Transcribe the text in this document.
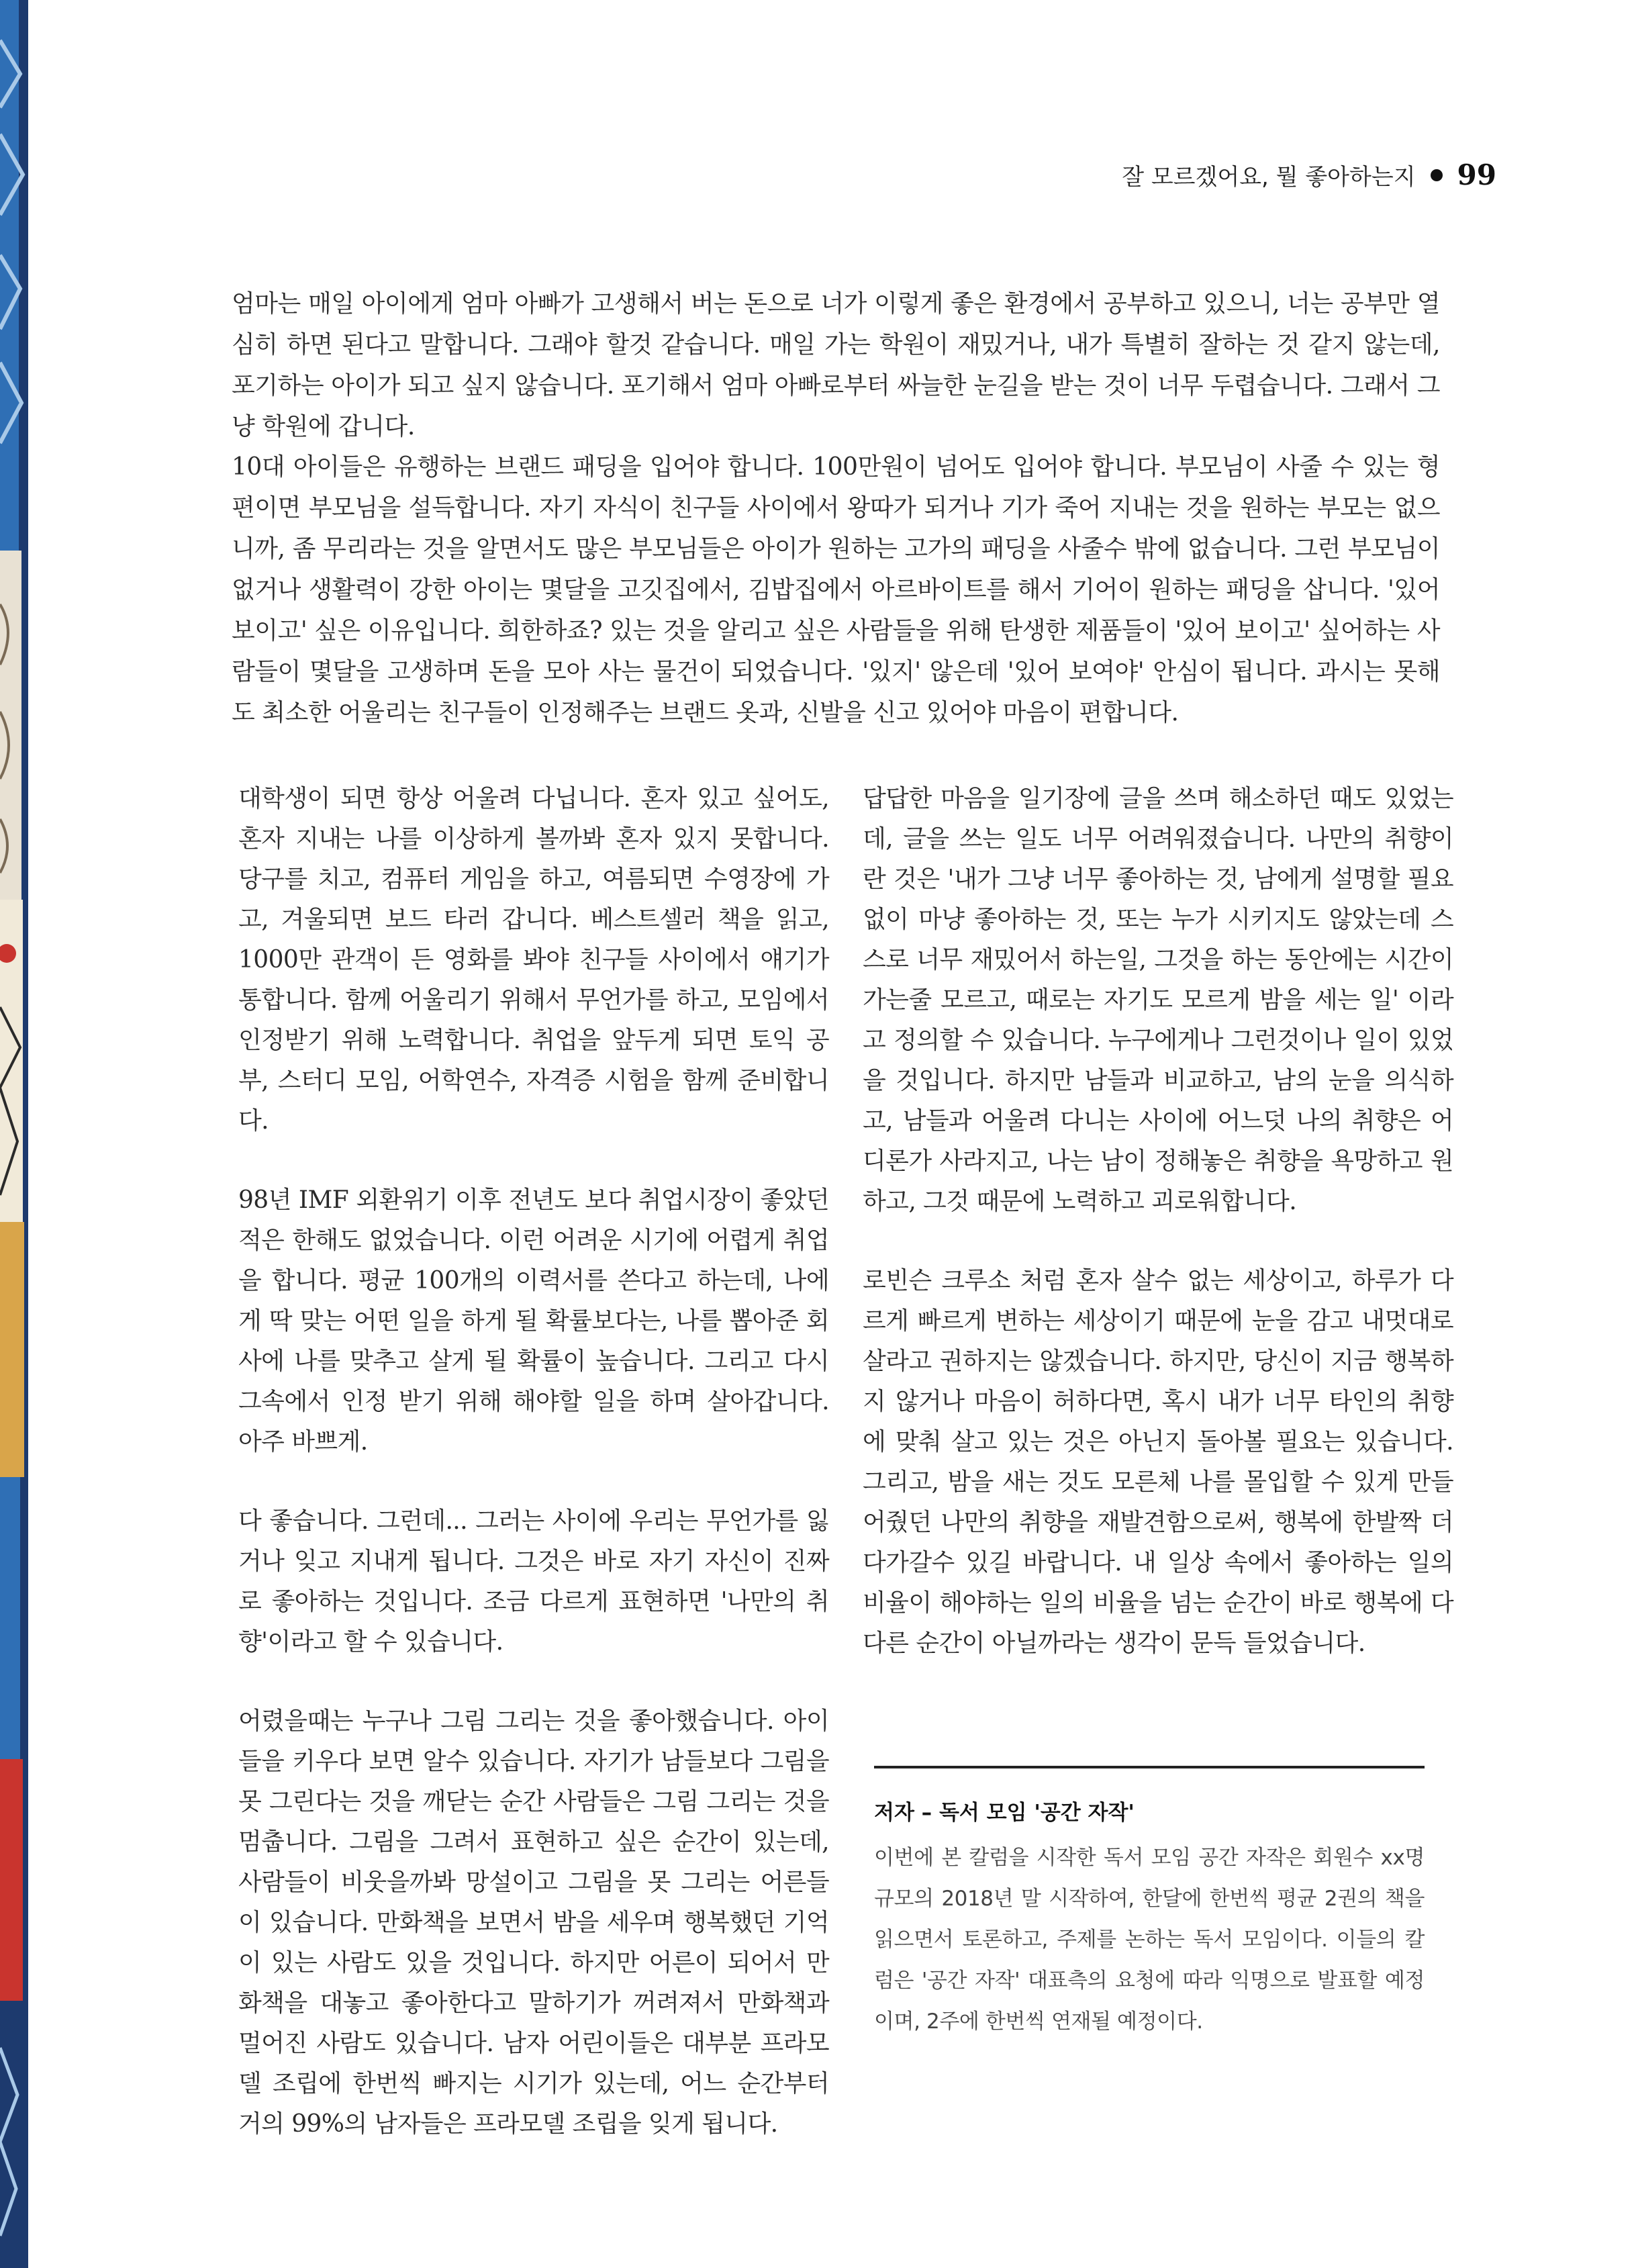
잘 모르겠어요, 뭘 좋아하는지 99

엄마는 매일 아이에게 엄마 아빠가 고생해서 버는 돈으로 너가 이렇게 좋은 환경에서 공부하고 있으니, 너는 공부만 열심히 하면 된다고 말합니다. 그래야 할것 같습니다. 매일 가는 학원이 재밌거나, 내가 특별히 잘하는 것 같지 않는데, 포기하는 아이가 되고 싶지 않습니다. 포기해서 엄마 아빠로부터 싸늘한 눈길을 받는 것이 너무 두렵습니다. 그래서 그냥 학원에 갑니다.

10대 아이들은 유행하는 브랜드 패딩을 입어야 합니다. 100만원이 넘어도 입어야 합니다. 부모님이 사줄 수 있는 형편이면 부모님을 설득합니다. 자기 자식이 친구들 사이에서 왕따가 되거나 기가 죽어 지내는 것을 원하는 부모는 없으니까, 좀 무리라는 것을 알면서도 많은 부모님들은 아이가 원하는 고가의 패딩을 사줄수 밖에 없습니다. 그런 부모님이 없거나 생활력이 강한 아이는 몇달을 고깃집에서, 김밥집에서 아르바이트를 해서 기어이 원하는 패딩을 삽니다. '있어 보이고' 싶은 이유입니다. 희한하죠? 있는 것을 알리고 싶은 사람들을 위해 탄생한 제품들이 '있어 보이고' 싶어하는 사람들이 몇달을 고생하며 돈을 모아 사는 물건이 되었습니다. '있지' 않은데 '있어 보여야' 안심이 됩니다. 과시는 못해도 최소한 어울리는 친구들이 인정해주는 브랜드 옷과, 신발을 신고 있어야 마음이 편합니다.

대학생이 되면 항상 어울려 다닙니다. 혼자 있고 싶어도, 혼자 지내는 나를 이상하게 볼까봐 혼자 있지 못합니다. 당구를 치고, 컴퓨터 게임을 하고, 여름되면 수영장에 가고, 겨울되면 보드 타러 갑니다. 베스트셀러 책을 읽고, 1000만 관객이 든 영화를 봐야 친구들 사이에서 얘기가 통합니다. 함께 어울리기 위해서 무언가를 하고, 모임에서 인정받기 위해 노력합니다. 취업을 앞두게 되면 토익 공부, 스터디 모임, 어학연수, 자격증 시험을 함께 준비합니다.

98년 IMF 외환위기 이후 전년도 보다 취업시장이 좋았던 적은 한해도 없었습니다. 이런 어려운 시기에 어렵게 취업을 합니다. 평균 100개의 이력서를 쓴다고 하는데, 나에게 딱 맞는 어떤 일을 하게 될 확률보다는, 나를 뽑아준 회사에 나를 맞추고 살게 될 확률이 높습니다. 그리고 다시 그속에서 인정 받기 위해 해야할 일을 하며 살아갑니다. 아주 바쁘게.

다 좋습니다. 그런데... 그러는 사이에 우리는 무언가를 잃거나 잊고 지내게 됩니다. 그것은 바로 자기 자신이 진짜로 좋아하는 것입니다. 조금 다르게 표현하면 '나만의 취향'이라고 할 수 있습니다.

어렸을때는 누구나 그림 그리는 것을 좋아했습니다. 아이들을 키우다 보면 알수 있습니다. 자기가 남들보다 그림을 못 그린다는 것을 깨닫는 순간 사람들은 그림 그리는 것을 멈춥니다. 그림을 그려서 표현하고 싶은 순간이 있는데, 사람들이 비웃을까봐 망설이고 그림을 못 그리는 어른들이 있습니다. 만화책을 보면서 밤을 세우며 행복했던 기억이 있는 사람도 있을 것입니다. 하지만 어른이 되어서 만화책을 대놓고 좋아한다고 말하기가 꺼려져서 만화책과 멀어진 사람도 있습니다. 남자 어린이들은 대부분 프라모델 조립에 한번씩 빠지는 시기가 있는데, 어느 순간부터 거의 99%의 남자들은 프라모델 조립을 잊게 됩니다.

답답한 마음을 일기장에 글을 쓰며 해소하던 때도 있었는데, 글을 쓰는 일도 너무 어려워졌습니다. 나만의 취향이란 것은 '내가 그냥 너무 좋아하는 것, 남에게 설명할 필요없이 마냥 좋아하는 것, 또는 누가 시키지도 않았는데 스스로 너무 재밌어서 하는일, 그것을 하는 동안에는 시간이 가는줄 모르고, 때로는 자기도 모르게 밤을 세는 일' 이라고 정의할 수 있습니다. 누구에게나 그런것이나 일이 있었을 것입니다. 하지만 남들과 비교하고, 남의 눈을 의식하고, 남들과 어울려 다니는 사이에 어느덧 나의 취향은 어디론가 사라지고, 나는 남이 정해놓은 취향을 욕망하고 원하고, 그것 때문에 노력하고 괴로워합니다.

로빈슨 크루소 처럼 혼자 살수 없는 세상이고, 하루가 다르게 빠르게 변하는 세상이기 때문에 눈을 감고 내멋대로 살라고 권하지는 않겠습니다. 하지만, 당신이 지금 행복하지 않거나 마음이 허하다면, 혹시 내가 너무 타인의 취향에 맞춰 살고 있는 것은 아닌지 돌아볼 필요는 있습니다. 그리고, 밤을 새는 것도 모른체 나를 몰입할 수 있게 만들어줬던 나만의 취향을 재발견함으로써, 행복에 한발짝 더 다가갈수 있길 바랍니다. 내 일상 속에서 좋아하는 일의 비율이 해야하는 일의 비율을 넘는 순간이 바로 행복에 다다른 순간이 아닐까라는 생각이 문득 들었습니다.

저자 – 독서 모임 '공간 자작'

이번에 본 칼럼을 시작한 독서 모임 공간 자작은 회원수 xx명 규모의 2018년 말 시작하여, 한달에 한번씩 평균 2권의 책을 읽으면서 토론하고, 주제를 논하는 독서 모임이다. 이들의 칼럼은 '공간 자작' 대표측의 요청에 따라 익명으로 발표할 예정이며, 2주에 한번씩 연재될 예정이다.
